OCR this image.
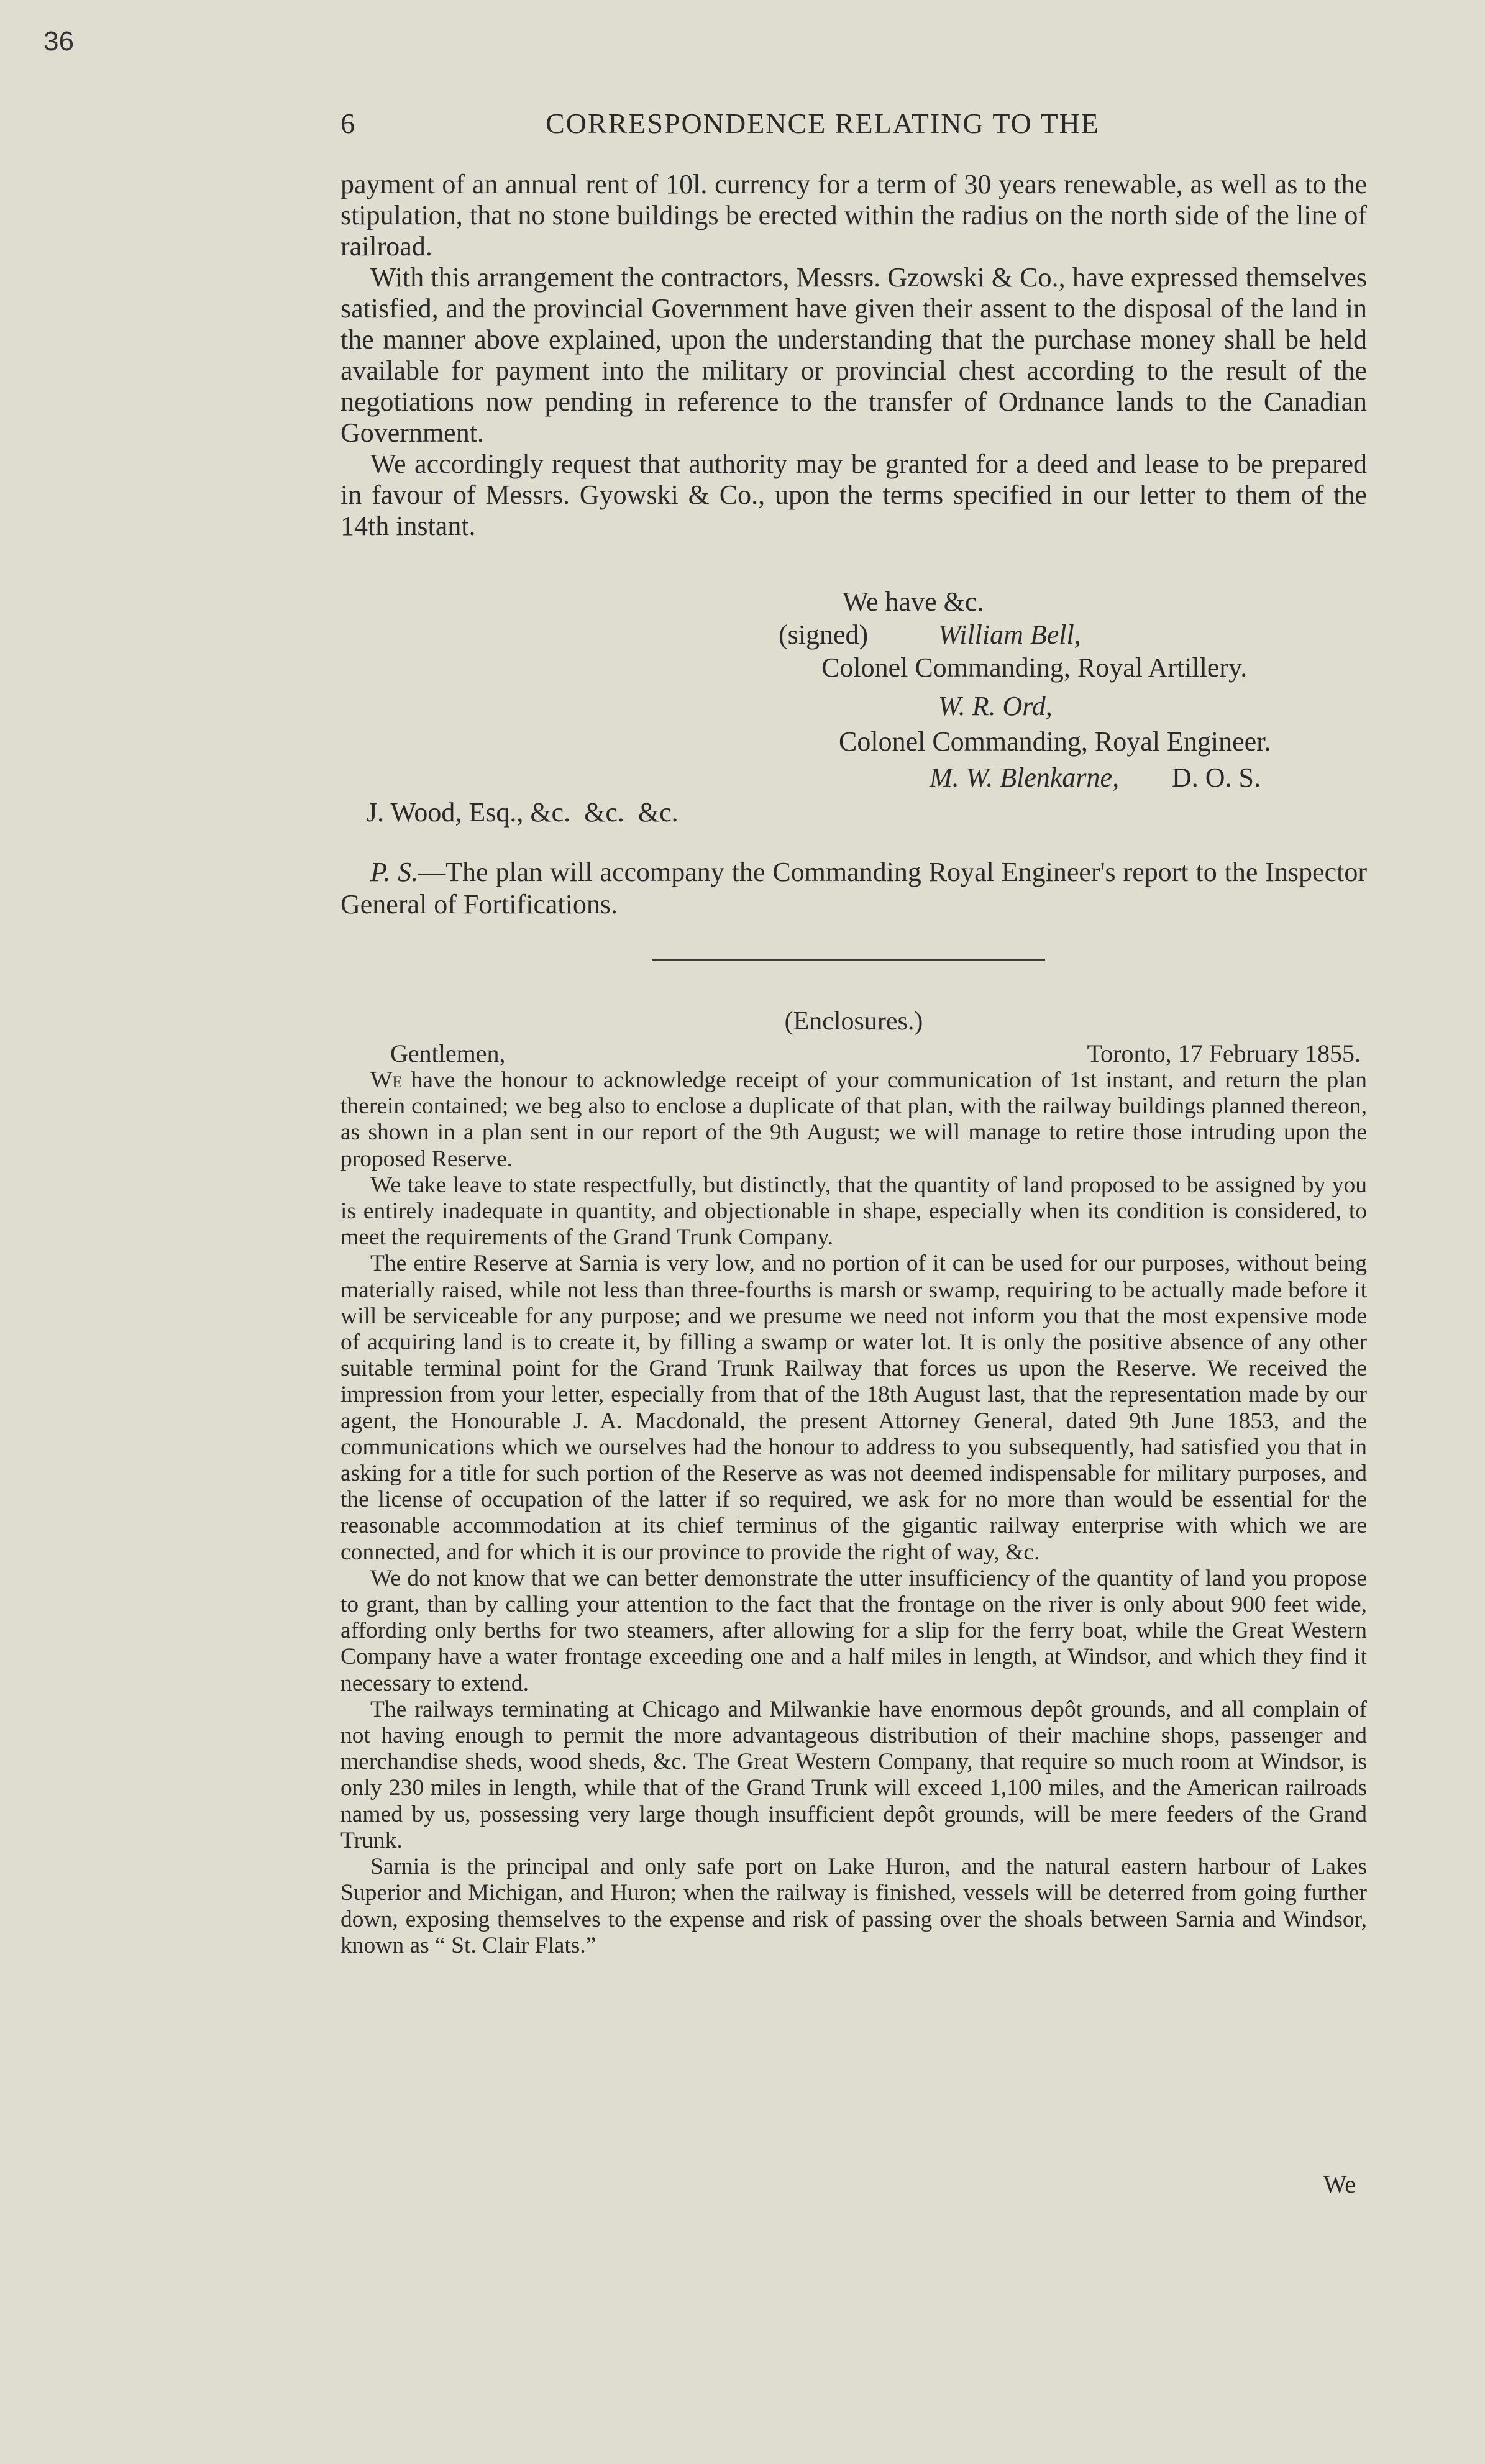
36
6	CORRESPONDENCE RELATING TO THE

payment of an annual rent of 10l. currency for a term of 30 years renewable, as well as to the stipulation, that no stone buildings be erected within the radius on the north side of the line of railroad.

With this arrangement the contractors, Messrs. Gzowski & Co., have expressed themselves satisfied, and the provincial Government have given their assent to the disposal of the land in the manner above explained, upon the understanding that the purchase money shall be held available for payment into the military or provincial chest according to the result of the negotiations now pending in reference to the transfer of Ordnance lands to the Canadian Government.

We accordingly request that authority may be granted for a deed and lease to be prepared in favour of Messrs. Gyowski & Co., upon the terms specified in our letter to them of the 14th instant.

We have &c.
(signed)	William Bell,
Colonel Commanding, Royal Artillery.
W. R. Ord,
Colonel Commanding, Royal Engineer.
M. W. Blenkarne, D. O. S.
J. Wood, Esq., &c.  &c.  &c.

P. S.—The plan will accompany the Commanding Royal Engineer's report to the Inspector General of Fortifications.

(Enclosures.)
Gentlemen,	Toronto, 17 February 1855.

We have the honour to acknowledge receipt of your communication of 1st instant, and return the plan therein contained; we beg also to enclose a duplicate of that plan, with the railway buildings planned thereon, as shown in a plan sent in our report of the 9th August; we will manage to retire those intruding upon the proposed Reserve.

We take leave to state respectfully, but distinctly, that the quantity of land proposed to be assigned by you is entirely inadequate in quantity, and objectionable in shape, especially when its condition is considered, to meet the requirements of the Grand Trunk Company.

The entire Reserve at Sarnia is very low, and no portion of it can be used for our purposes, without being materially raised, while not less than three-fourths is marsh or swamp, requiring to be actually made before it will be serviceable for any purpose; and we presume we need not inform you that the most expensive mode of acquiring land is to create it, by filling a swamp or water lot. It is only the positive absence of any other suitable terminal point for the Grand Trunk Railway that forces us upon the Reserve. We received the impression from your letter, especially from that of the 18th August last, that the representation made by our agent, the Honourable J. A. Macdonald, the present Attorney General, dated 9th June 1853, and the communications which we ourselves had the honour to address to you subsequently, had satisfied you that in asking for a title for such portion of the Reserve as was not deemed indispensable for military purposes, and the license of occupation of the latter if so required, we ask for no more than would be essential for the reasonable accommodation at its chief terminus of the gigantic railway enterprise with which we are connected, and for which it is our province to provide the right of way, &c.

We do not know that we can better demonstrate the utter insufficiency of the quantity of land you propose to grant, than by calling your attention to the fact that the frontage on the river is only about 900 feet wide, affording only berths for two steamers, after allowing for a slip for the ferry boat, while the Great Western Company have a water frontage exceeding one and a half miles in length, at Windsor, and which they find it necessary to extend.

The railways terminating at Chicago and Milwankie have enormous depôt grounds, and all complain of not having enough to permit the more advantageous distribution of their machine shops, passenger and merchandise sheds, wood sheds, &c. The Great Western Company, that require so much room at Windsor, is only 230 miles in length, while that of the Grand Trunk will exceed 1,100 miles, and the American railroads named by us, possessing very large though insufficient depôt grounds, will be mere feeders of the Grand Trunk.

Sarnia is the principal and only safe port on Lake Huron, and the natural eastern harbour of Lakes Superior and Michigan, and Huron; when the railway is finished, vessels will be deterred from going further down, exposing themselves to the expense and risk of passing over the shoals between Sarnia and Windsor, known as “ St. Clair Flats.”

We
